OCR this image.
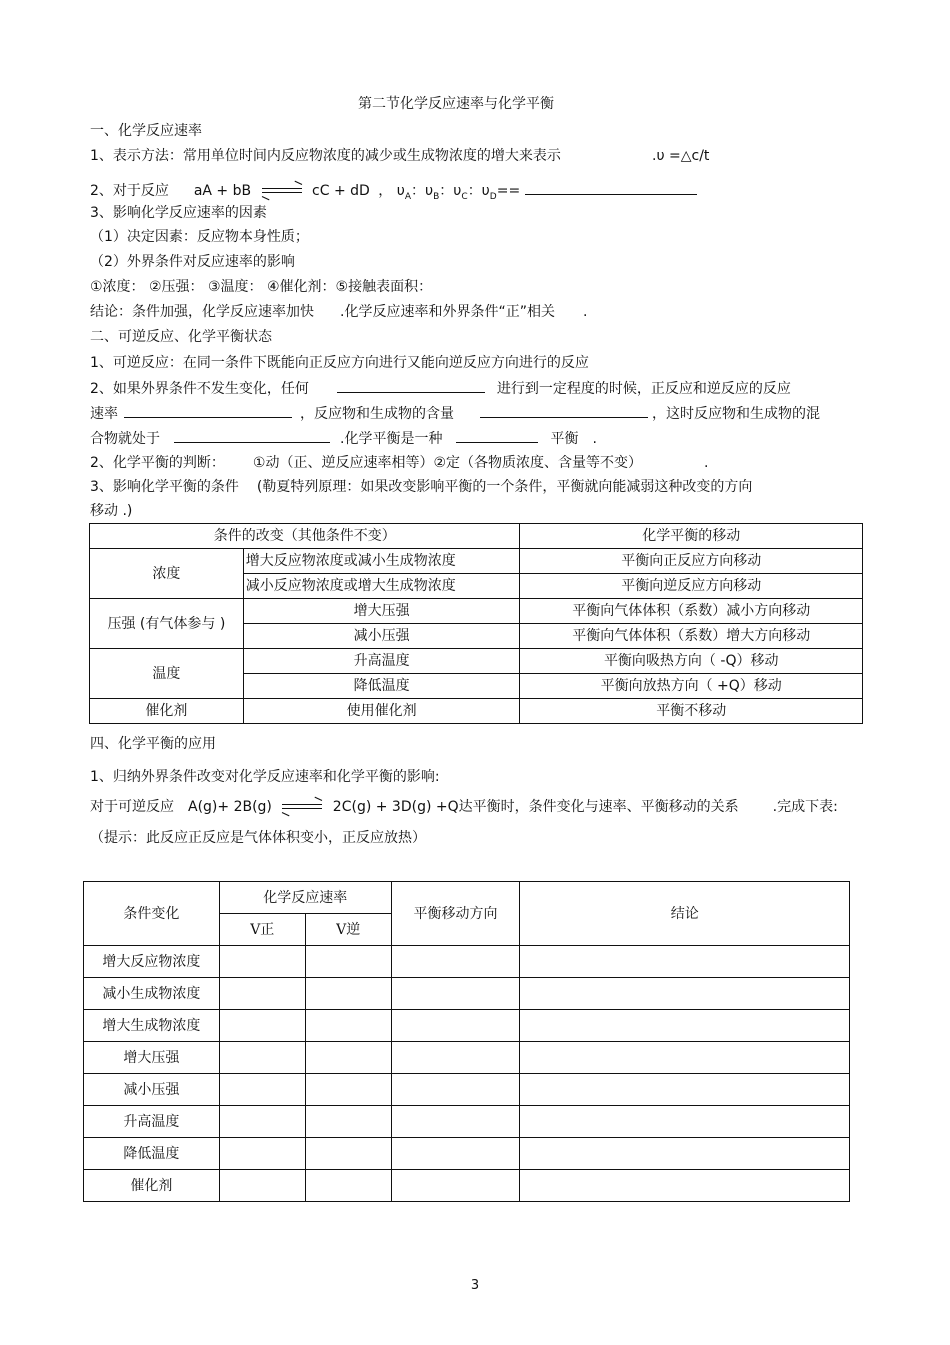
第二节化学反应速率与化学平衡
一、化学反应速率
1、表示方法：常用单位时间内反应物浓度的减少或生成物浓度的增大来表示	.υ =△c/t
2、对于反应 aA + bB	cC + dD ， $\upsilon_A$：$\upsilon_B$：$\upsilon_C$：$\upsilon_D==$
3、影响化学反应速率的因素
（1）决定因素：反应物本身性质；
（2）外界条件对反应速率的影响
①浓度： ②压强： ③温度： ④催化剂：⑤接触表面积：
结论：条件加强，化学反应速率加快 .化学反应速率和外界条件“正”相关 .
二、可逆反应、化学平衡状态
1、可逆反应：在同一条件下既能向正反应方向进行又能向逆反应方向进行的反应
2、如果外界条件不发生变化，任何	进行到一定程度的时候，正反应和逆反应的反应
速率	，反应物和生成物的含量	，这时反应物和生成物的混
合物就处于	.化学平衡是一种	平衡 .
2、化学平衡的判断： ①动（正、逆反应速率相等）②定（各物质浓度、含量等不变）	.
3、影响化学平衡的条件 (勒夏特列原理：如果改变影响平衡的一个条件，平衡就向能减弱这种改变的方向
移动 .)
条件的改变（其他条件不变）		化学平衡的移动
浓度	增大反应物浓度或减小生成物浓度	平衡向正反应方向移动
	减小反应物浓度或增大生成物浓度	平衡向逆反应方向移动
压强 (有气体参与 )	增大压强	平衡向气体体积（系数）减小方向移动
	减小压强	平衡向气体体积（系数）增大方向移动
温度	升高温度	平衡向吸热方向（ -Q）移动
	降低温度	平衡向放热方向（ +Q）移动
催化剂	使用催化剂	平衡不移动
四、化学平衡的应用
1、归纳外界条件改变对化学反应速率和化学平衡的影响:
对于可逆反应 A(g)+ 2B(g)	2C(g) + 3D(g) +Q达平衡时，条件变化与速率、平衡移动的关系 .完成下表:
（提示：此反应正反应是气体体积变小，正反应放热）
条件变化	化学反应速率		平衡移动方向	结论
	V正	V逆		
增大反应物浓度				
减小生成物浓度				
增大生成物浓度				
增大压强				
减小压强				
升高温度				
降低温度				
催化剂				
3
